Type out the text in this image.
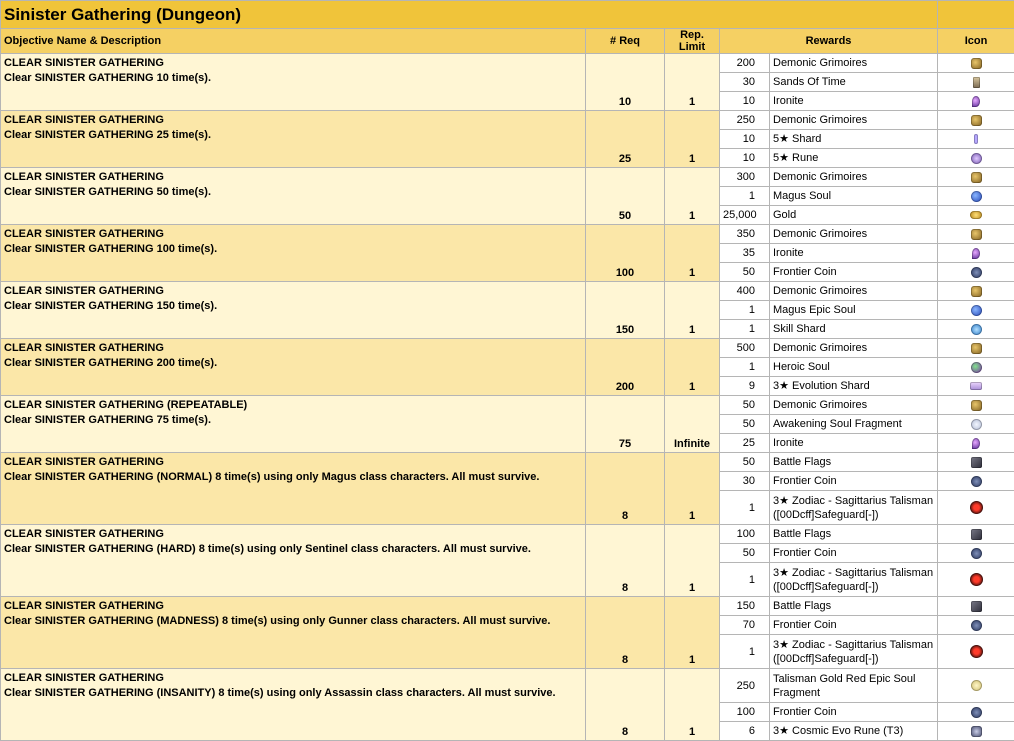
Sinister Gathering (Dungeon)					
Objective Name & Description	# Req	Rep. Limit	Rewards		Icon

CLEAR SINISTER GATHERING
Clear SINISTER GATHERING 10 time(s).	10	1	200	Demonic Grimoires	
			30	Sands Of Time	
			10	Ironite	

CLEAR SINISTER GATHERING
Clear SINISTER GATHERING 25 time(s).	25	1	250	Demonic Grimoires	
			10	5★ Shard	
			10	5★ Rune	

CLEAR SINISTER GATHERING
Clear SINISTER GATHERING 50 time(s).	50	1	300	Demonic Grimoires	
			1	Magus Soul	
			25,000	Gold	

CLEAR SINISTER GATHERING
Clear SINISTER GATHERING 100 time(s).	100	1	350	Demonic Grimoires	
			35	Ironite	
			50	Frontier Coin	

CLEAR SINISTER GATHERING
Clear SINISTER GATHERING 150 time(s).	150	1	400	Demonic Grimoires	
			1	Magus Epic Soul	
			1	Skill Shard	

CLEAR SINISTER GATHERING
Clear SINISTER GATHERING 200 time(s).	200	1	500	Demonic Grimoires	
			1	Heroic Soul	
			9	3★ Evolution Shard	

CLEAR SINISTER GATHERING (REPEATABLE)
Clear SINISTER GATHERING 75 time(s).	75	Infinite	50	Demonic Grimoires	
			50	Awakening Soul Fragment	
			25	Ironite	

CLEAR SINISTER GATHERING
Clear SINISTER GATHERING (NORMAL) 8 time(s) using only Magus class characters. All must survive.	8	1	50	Battle Flags	
			30	Frontier Coin	
			1	3★ Zodiac - Sagittarius Talisman ([00Dcff]Safeguard[-])	

CLEAR SINISTER GATHERING
Clear SINISTER GATHERING (HARD) 8 time(s) using only Sentinel class characters. All must survive.	8	1	100	Battle Flags	
			50	Frontier Coin	
			1	3★ Zodiac - Sagittarius Talisman ([00Dcff]Safeguard[-])	

CLEAR SINISTER GATHERING
Clear SINISTER GATHERING (MADNESS) 8 time(s) using only Gunner class characters. All must survive.	8	1	150	Battle Flags	
			70	Frontier Coin	
			1	3★ Zodiac - Sagittarius Talisman ([00Dcff]Safeguard[-])	

CLEAR SINISTER GATHERING
Clear SINISTER GATHERING (INSANITY) 8 time(s) using only Assassin class characters. All must survive.	8	1	250	Talisman Gold Red Epic Soul Fragment	
			100	Frontier Coin	
			6	3★ Cosmic Evo Rune (T3)	
